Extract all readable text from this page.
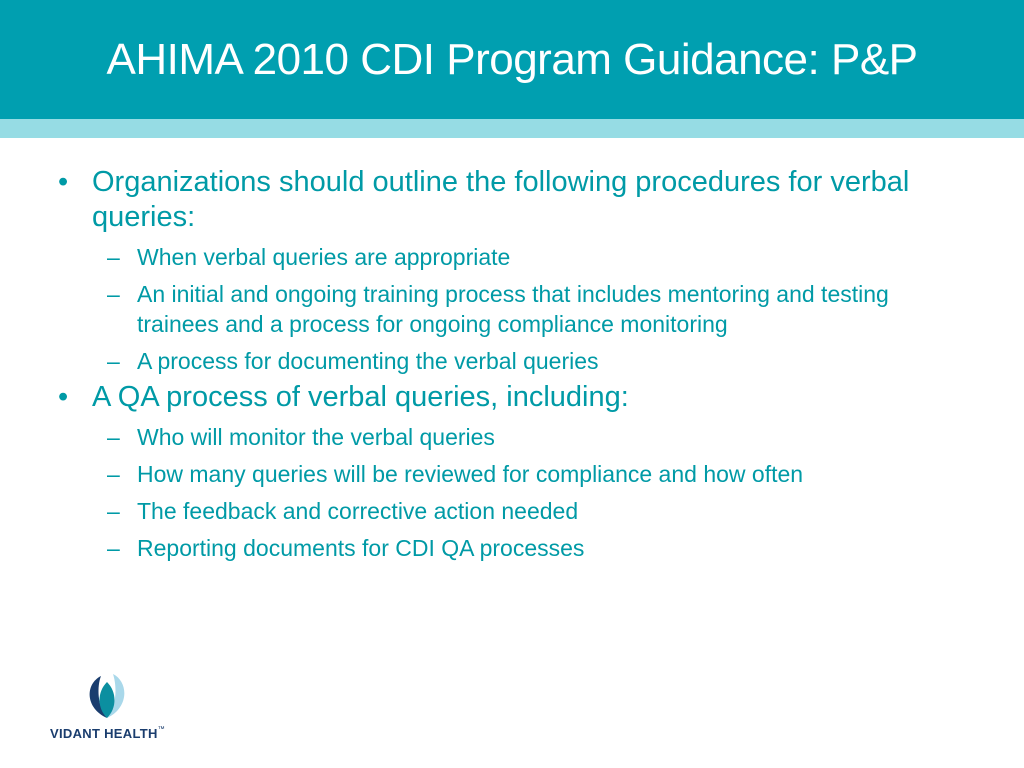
AHIMA 2010 CDI Program Guidance: P&P
• Organizations should outline the following procedures for verbal queries:
– When verbal queries are appropriate
– An initial and ongoing training process that includes mentoring and testing trainees and a process for ongoing compliance monitoring
– A process for documenting the verbal queries
• A QA process of verbal queries, including:
– Who will monitor the verbal queries
– How many queries will be reviewed for compliance and how often
– The feedback and corrective action needed
– Reporting documents for CDI QA processes
VIDANT HEALTH™
